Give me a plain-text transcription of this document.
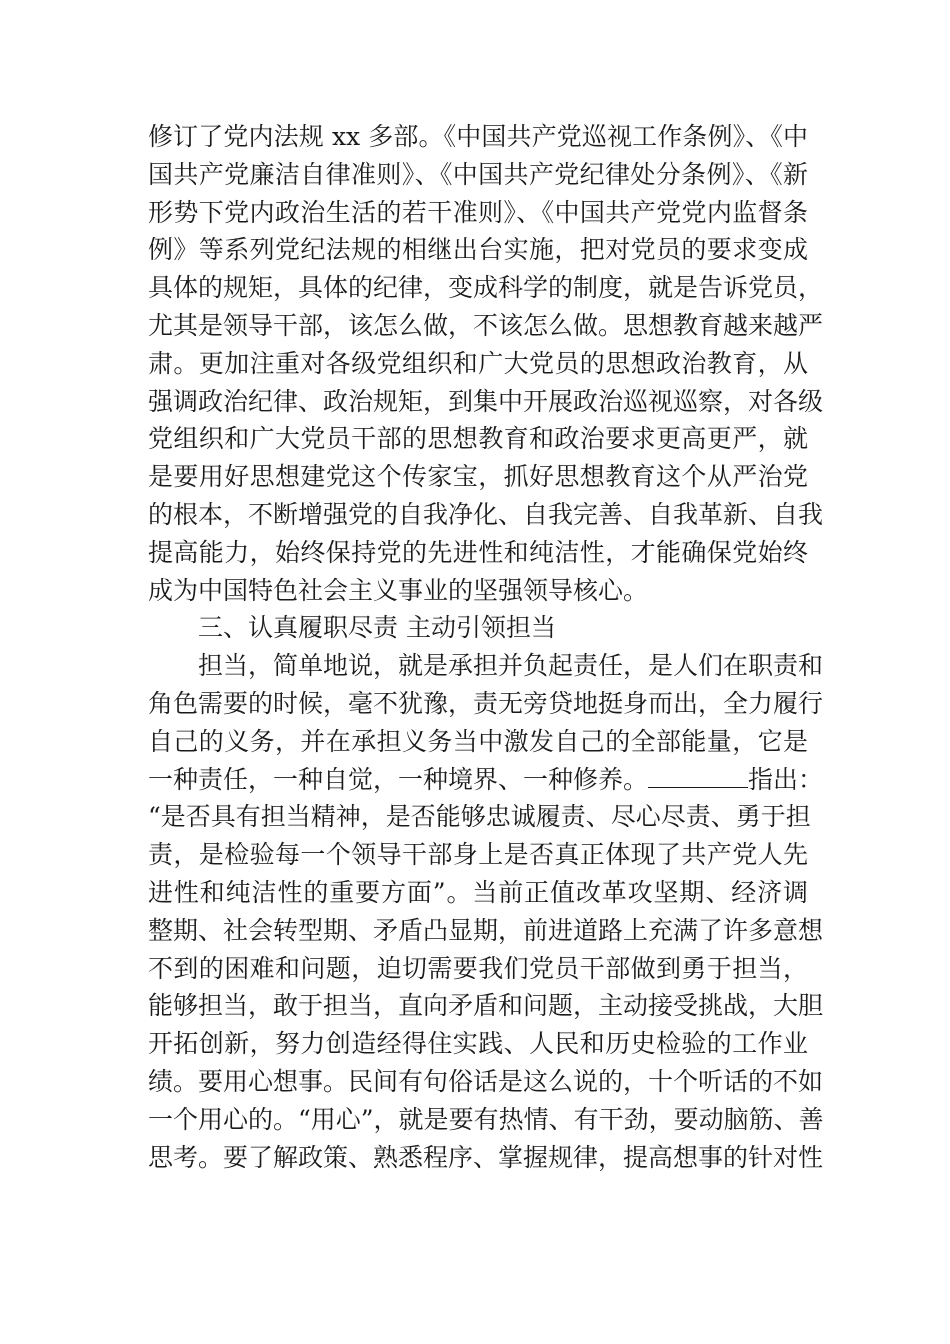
修订了党内法规 xx 多部。《中国共产党巡视工作条例》、《中
国共产党廉洁自律准则》、《中国共产党纪律处分条例》、《新
形势下党内政治生活的若干准则》、《中国共产党党内监督条
例》等系列党纪法规的相继出台实施，把对党员的要求变成
具体的规矩，具体的纪律，变成科学的制度，就是告诉党员，
尤其是领导干部，该怎么做，不该怎么做。思想教育越来越严
肃。更加注重对各级党组织和广大党员的思想政治教育，从
强调政治纪律、政治规矩，到集中开展政治巡视巡察，对各级
党组织和广大党员干部的思想教育和政治要求更高更严，就
是要用好思想建党这个传家宝，抓好思想教育这个从严治党
的根本，不断增强党的自我净化、自我完善、自我革新、自我
提高能力，始终保持党的先进性和纯洁性，才能确保党始终
成为中国特色社会主义事业的坚强领导核心。
三、认真履职尽责 主动引领担当
担当，简单地说，就是承担并负起责任，是人们在职责和
角色需要的时候，毫不犹豫，责无旁贷地挺身而出，全力履行
自己的义务，并在承担义务当中激发自己的全部能量，它是
一种责任，一种自觉，一种境界、一种修养。	指出：
“是否具有担当精神，是否能够忠诚履责、尽心尽责、勇于担
责，是检验每一个领导干部身上是否真正体现了共产党人先
进性和纯洁性的重要方面”。当前正值改革攻坚期、经济调
整期、社会转型期、矛盾凸显期，前进道路上充满了许多意想
不到的困难和问题，迫切需要我们党员干部做到勇于担当，
能够担当，敢于担当，直向矛盾和问题，主动接受挑战，大胆
开拓创新，努力创造经得住实践、人民和历史检验的工作业
绩。要用心想事。民间有句俗话是这么说的，十个听话的不如
一个用心的。“用心”，就是要有热情、有干劲，要动脑筋、善
思考。要了解政策、熟悉程序、掌握规律，提高想事的针对性
